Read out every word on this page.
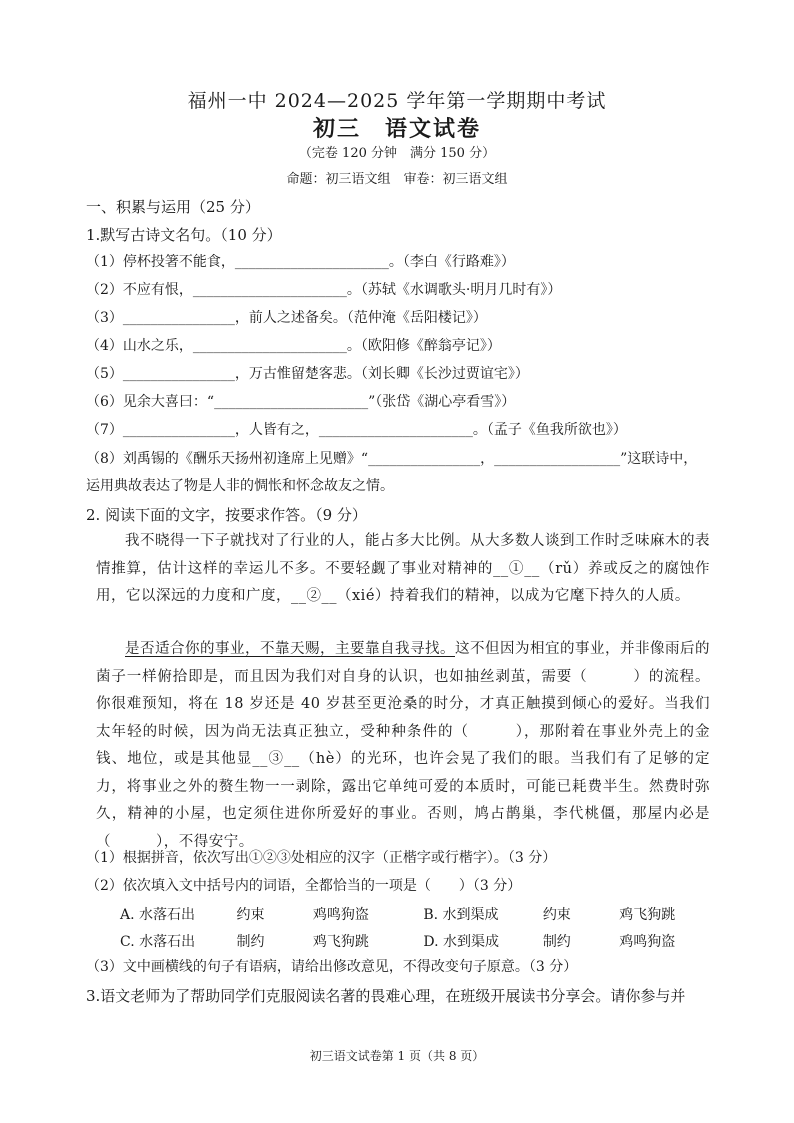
福州一中 2024—2025 学年第一学期期中考试
初三　语文试卷
（完卷 120 分钟　满分 150 分）
命题：初三语文组　审卷：初三语文组
一、积累与运用（25 分）
1.默写古诗文名句。（10 分）
（1）停杯投箸不能食，______________________。（李白《行路难》）
（2）不应有恨，______________________。（苏轼《水调歌头·明月几时有》）
（3）________________，前人之述备矣。（范仲淹《岳阳楼记》）
（4）山水之乐，______________________。（欧阳修《醉翁亭记》）
（5）________________，万古惟留楚客悲。（刘长卿《长沙过贾谊宅》）
（6）见余大喜曰：“______________________”（张岱《湖心亭看雪》）
（7）________________，人皆有之，______________________。（孟子《鱼我所欲也》）
（8）刘禹锡的《酬乐天扬州初逢席上见赠》“________________，__________________”这联诗中，
运用典故表达了物是人非的惆怅和怀念故友之情。
2. 阅读下面的文字，按要求作答。（9 分）

我不晓得一下子就找对了行业的人，能占多大比例。从大多数人谈到工作时乏味麻木的表情推算，估计这样的幸运儿不多。不要轻觑了事业对精神的__①__（rǔ）养或反之的腐蚀作用，它以深远的力度和广度，__②__（xié）持着我们的精神，以成为它麾下持久的人质。

是否适合你的事业，不靠天赐，主要靠自我寻找。这不但因为相宜的事业，并非像雨后的菌子一样俯拾即是，而且因为我们对自身的认识，也如抽丝剥茧，需要（　　　）的流程。你很难预知，将在 18 岁还是 40 岁甚至更沧桑的时分，才真正触摸到倾心的爱好。当我们太年轻的时候，因为尚无法真正独立，受种种条件的（　　　），那附着在事业外壳上的金钱、地位，或是其他显__③__（hè）的光环，也许会晃了我们的眼。当我们有了足够的定力，将事业之外的赘生物一一剥除，露出它单纯可爱的本质时，可能已耗费半生。然费时弥久，精神的小屋，也定须住进你所爱好的事业。否则，鸠占鹊巢，李代桃僵，那屋内必是（　　　），不得安宁。

（1）根据拼音，依次写出①②③处相应的汉字（正楷字或行楷字）。（3 分）
（2）依次填入文中括号内的词语，全都恰当的一项是（　　）（3 分）
A. 水落石出	约束	鸡鸣狗盗	B. 水到渠成	约束	鸡飞狗跳
C. 水落石出	制约	鸡飞狗跳	D. 水到渠成	制约	鸡鸣狗盗
（3）文中画横线的句子有语病，请给出修改意见，不得改变句子原意。（3 分）
3.语文老师为了帮助同学们克服阅读名著的畏难心理，在班级开展读书分享会。请你参与并
初三语文试卷第 1 页（共 8 页）
